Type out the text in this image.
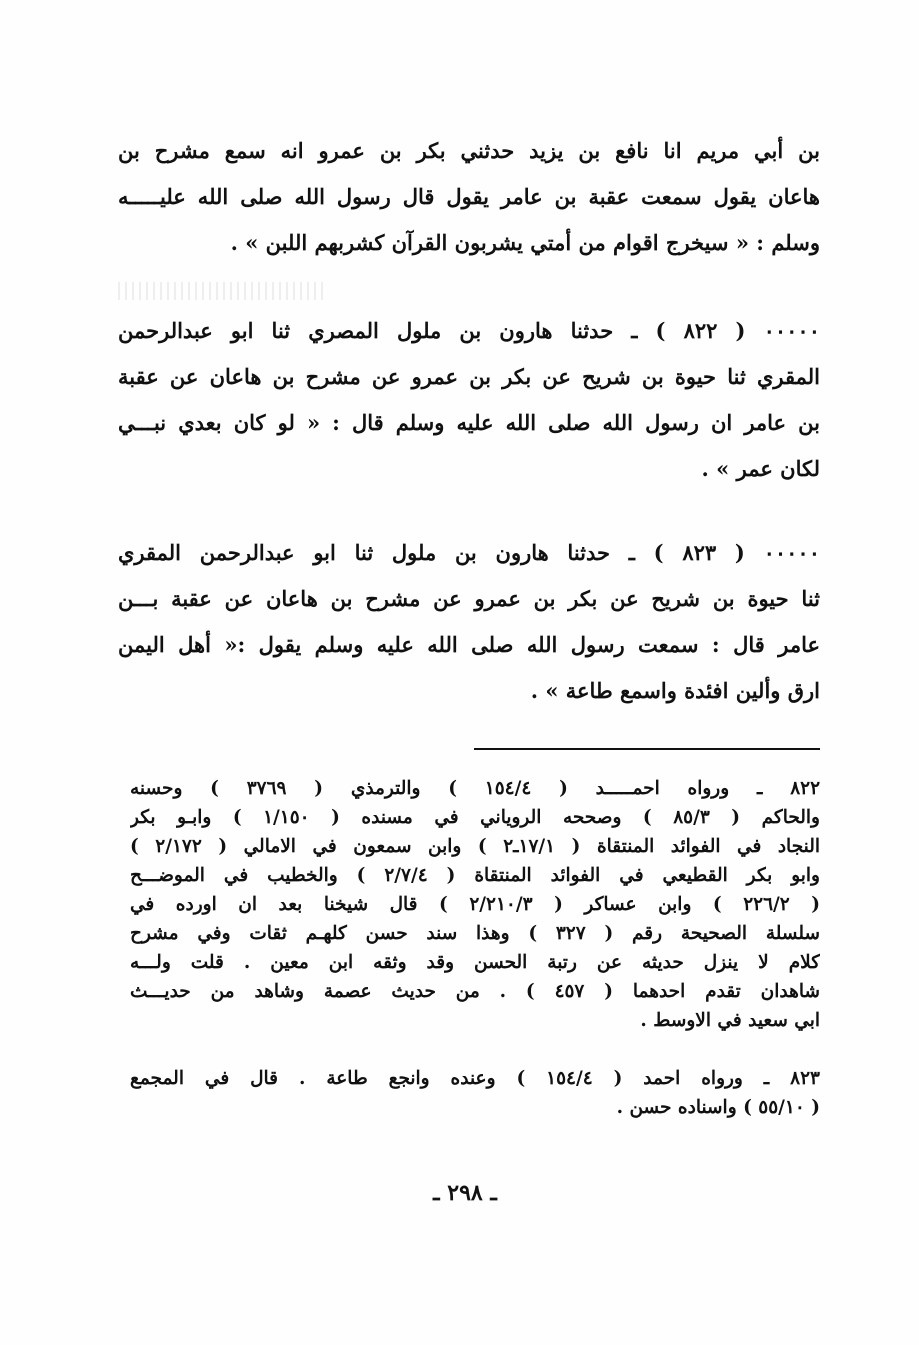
بن أبي مريم انا نافع بن يزيد حدثني بكر بن عمرو انه سمع مشرح بن
هاعان يقول سمعت عقبة بن عامر يقول قال رسول الله صلى الله عليـــــه
وسلم : « سيخرج اقوام من أمتي يشربون القرآن كشربهم اللبن » .
٠٠٠٠٠ ( ٨٢٢ ) ـ حدثنا هارون بن ملول المصري ثنا ابو عبدالرحمن
المقري ثنا حيوة بن شريح عن بكر بن عمرو عن مشرح بن هاعان عن عقبة
بن عامر ان رسول الله صلى الله عليه وسلم قال : « لو كان بعدي نبـــي
لكان عمر » .
٠٠٠٠٠ ( ٨٢٣ ) ـ حدثنا هارون بن ملول ثنا ابو عبدالرحمن المقري
ثنا حيوة بن شريح عن بكر بن عمرو عن مشرح بن هاعان عن عقبة بـــن
عامر قال : سمعت رسول الله صلى الله عليه وسلم يقول :« أهل اليمن
ارق وألين افئدة واسمع طاعة » .
٨٢٢ ـ ورواه احمـــــد ( ١٥٤/٤ ) والترمذي ( ٣٧٦٩ ) وحسنه
والحاكم ( ٨٥/٣ ) وصححه الروياني في مسنده ( ١/١٥٠ ) وابـو بكر
النجاد في الفوائد المنتقاة ( ١٧/١ـ٢ ) وابن سمعون في الامالي ( ٢/١٧٢ )
وابو بكر القطيعي في الفوائد المنتقاة ( ٢/٧/٤ ) والخطيب في الموضـــح
( ٢٢٦/٢ ) وابن عساكر ( ٢/٢١٠/٣ ) قال شيخنا بعد ان اورده في
سلسلة الصحيحة رقم ( ٣٢٧ ) وهذا سند حسن كلهـم ثقات وفي مشرح
كلام لا ينزل حديثه عن رتبة الحسن وقد وثقه ابن معين . قلت ولـــه
شاهدان تقدم احدهما ( ٤٥٧ ) . من حديث عصمة وشاهد من حديـــث
ابي سعيد في الاوسط .
٨٢٣ ـ ورواه احمد ( ١٥٤/٤ ) وعنده وانجع طاعة . قال في المجمع
( ٥٥/١٠ ) واسناده حسن .
ـ ٢٩٨ ـ
